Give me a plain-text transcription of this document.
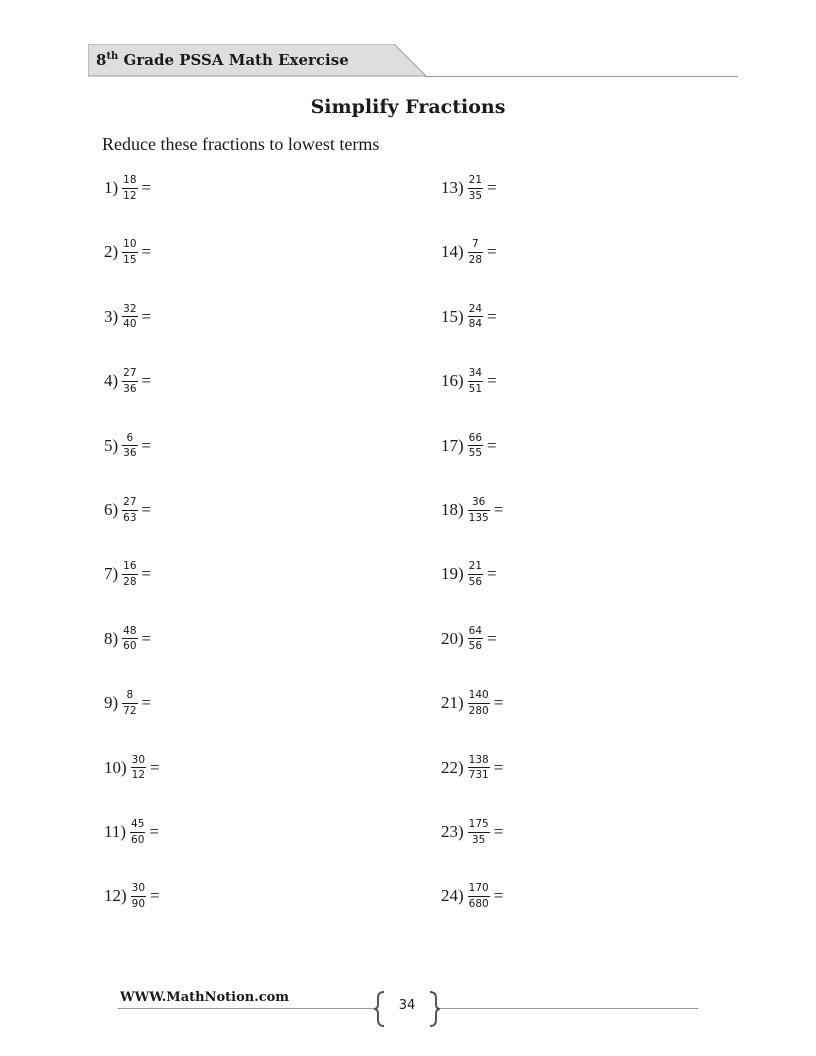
8th Grade PSSA Math Exercise
Simplify Fractions
Reduce these fractions to lowest terms
$1) \frac{18}{12}$ =
$2) \frac{10}{15}$ =
$3) \frac{32}{40}$ =
$4) \frac{27}{36}$ =
$5) \frac{6}{36}$ =
$6) \frac{27}{63}$ =
$7) \frac{16}{28}$ =
$8) \frac{48}{60}$ =
$9) \frac{8}{72}$ =
$10) \frac{30}{12}$ =
$11) \frac{45}{60}$ =
$12) \frac{30}{90}$ =
$13) \frac{21}{35}$ =
$14) \frac{7}{28}$ =
$15) \frac{24}{84}$ =
$16) \frac{34}{51}$ =
$17) \frac{66}{55}$ =
$18) \frac{36}{135}$ =
$19) \frac{21}{56}$ =
$20) \frac{64}{56}$ =
$21) \frac{140}{280}$ =
$22) \frac{138}{731}$ =
$23) \frac{175}{35}$ =
$24) \frac{170}{680}$ =
WWW.MathNotion.com
34
